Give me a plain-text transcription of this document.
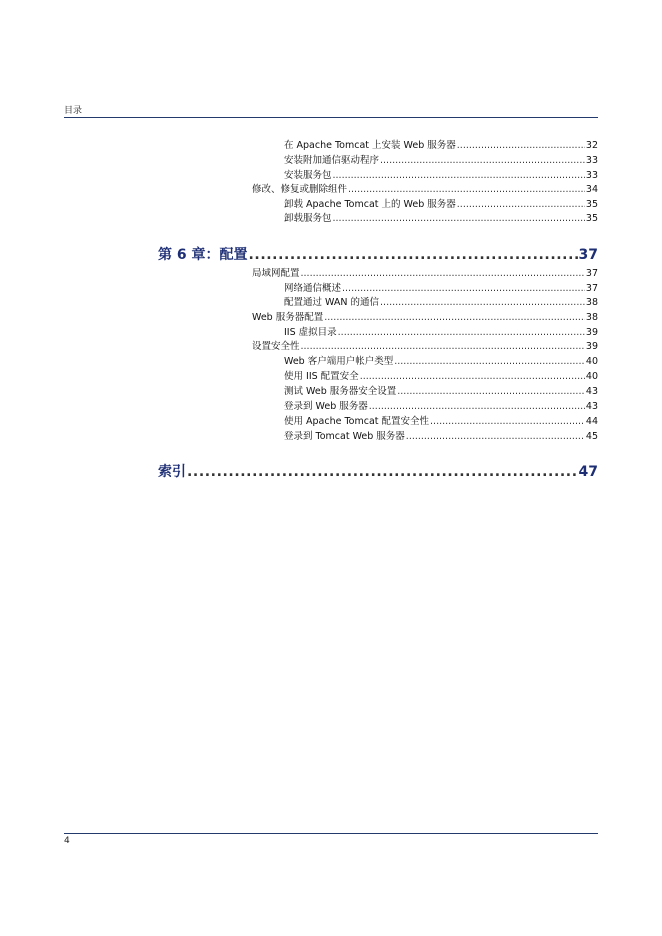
目录
在 Apache Tomcat 上安装 Web 服务器 .....	32
安装附加通信驱动程序 .....	33
安装服务包 .....	33
修改、修复或删除组件 .....	34
卸载 Apache Tomcat 上的 Web 服务器 .....	35
卸载服务包 .....	35
第 6 章：配置 .....	37
局域网配置 .....	37
网络通信概述 .....	37
配置通过 WAN 的通信 .....	38
Web 服务器配置 .....	38
IIS 虚拟目录 .....	39
设置安全性 .....	39
Web 客户端用户帐户类型 .....	40
使用 IIS 配置安全 .....	40
测试 Web 服务器安全设置 .....	43
登录到 Web 服务器 .....	43
使用 Apache Tomcat 配置安全性 .....	44
登录到 Tomcat Web 服务器 .....	45
索引 .....	47
4
